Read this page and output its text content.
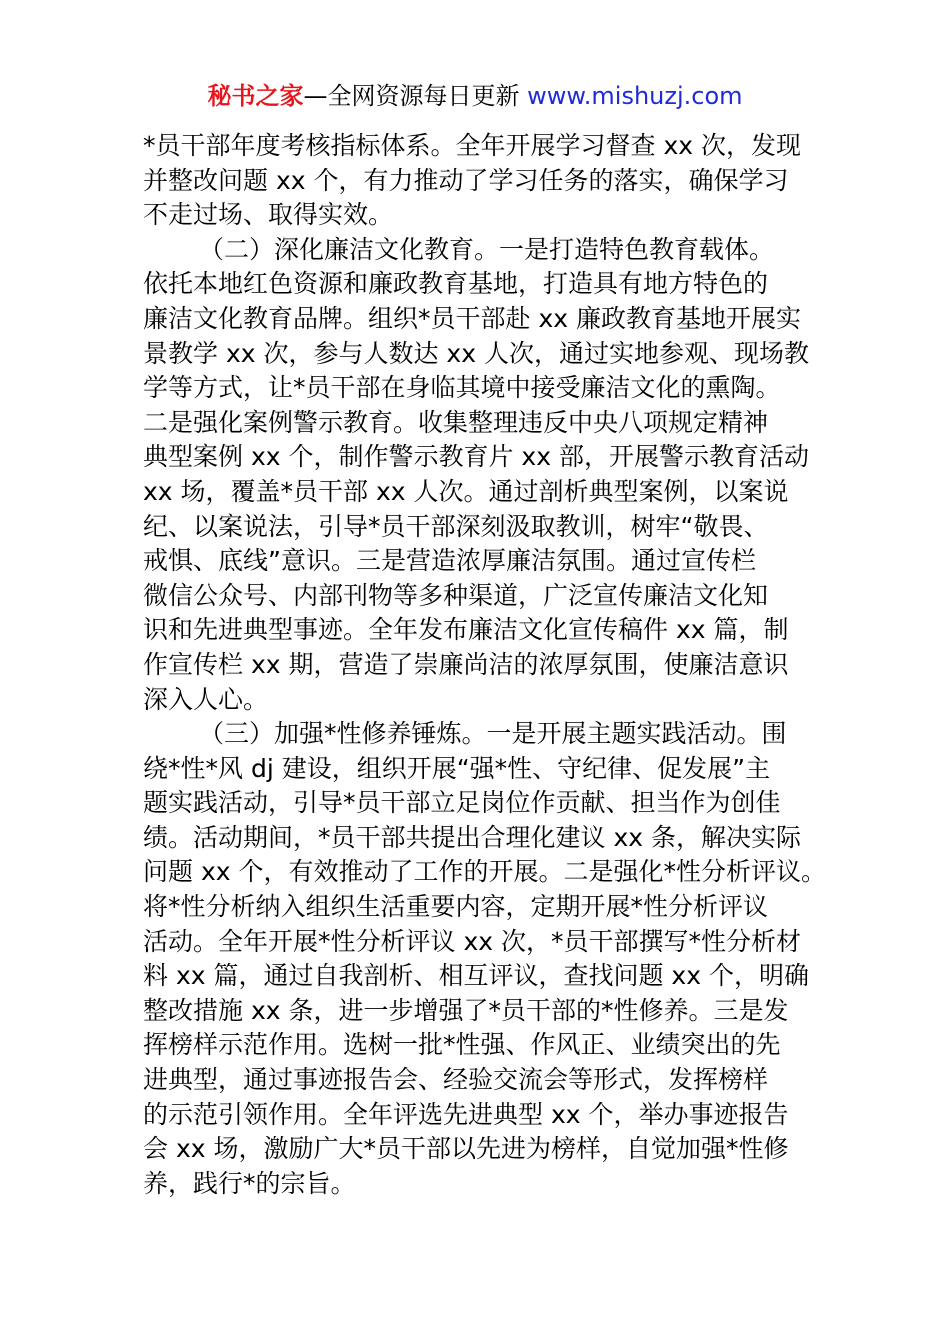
秘书之家—全网资源每日更新 www.mishuzj.com
*员干部年度考核指标体系。全年开展学习督查 xx 次，发现
并整改问题 xx 个，有力推动了学习任务的落实，确保学习
不走过场、取得实效。
（二）深化廉洁文化教育。一是打造特色教育载体。
依托本地红色资源和廉政教育基地，打造具有地方特色的
廉洁文化教育品牌。组织*员干部赴 xx 廉政教育基地开展实
景教学 xx 次，参与人数达 xx 人次，通过实地参观、现场教
学等方式，让*员干部在身临其境中接受廉洁文化的熏陶。
二是强化案例警示教育。收集整理违反中央八项规定精神
典型案例 xx 个，制作警示教育片 xx 部，开展警示教育活动
xx 场，覆盖*员干部 xx 人次。通过剖析典型案例，以案说
纪、以案说法，引导*员干部深刻汲取教训，树牢“敬畏、
戒惧、底线”意识。三是营造浓厚廉洁氛围。通过宣传栏
微信公众号、内部刊物等多种渠道，广泛宣传廉洁文化知
识和先进典型事迹。全年发布廉洁文化宣传稿件 xx 篇，制
作宣传栏 xx 期，营造了崇廉尚洁的浓厚氛围，使廉洁意识
深入人心。
（三）加强*性修养锤炼。一是开展主题实践活动。围
绕*性*风 dj 建设，组织开展“强*性、守纪律、促发展”主
题实践活动，引导*员干部立足岗位作贡献、担当作为创佳
绩。活动期间，*员干部共提出合理化建议 xx 条，解决实际
问题 xx 个，有效推动了工作的开展。二是强化*性分析评议。
将*性分析纳入组织生活重要内容，定期开展*性分析评议
活动。全年开展*性分析评议 xx 次，*员干部撰写*性分析材
料 xx 篇，通过自我剖析、相互评议，查找问题 xx 个，明确
整改措施 xx 条，进一步增强了*员干部的*性修养。三是发
挥榜样示范作用。选树一批*性强、作风正、业绩突出的先
进典型，通过事迹报告会、经验交流会等形式，发挥榜样
的示范引领作用。全年评选先进典型 xx 个，举办事迹报告
会 xx 场，激励广大*员干部以先进为榜样，自觉加强*性修
养，践行*的宗旨。
